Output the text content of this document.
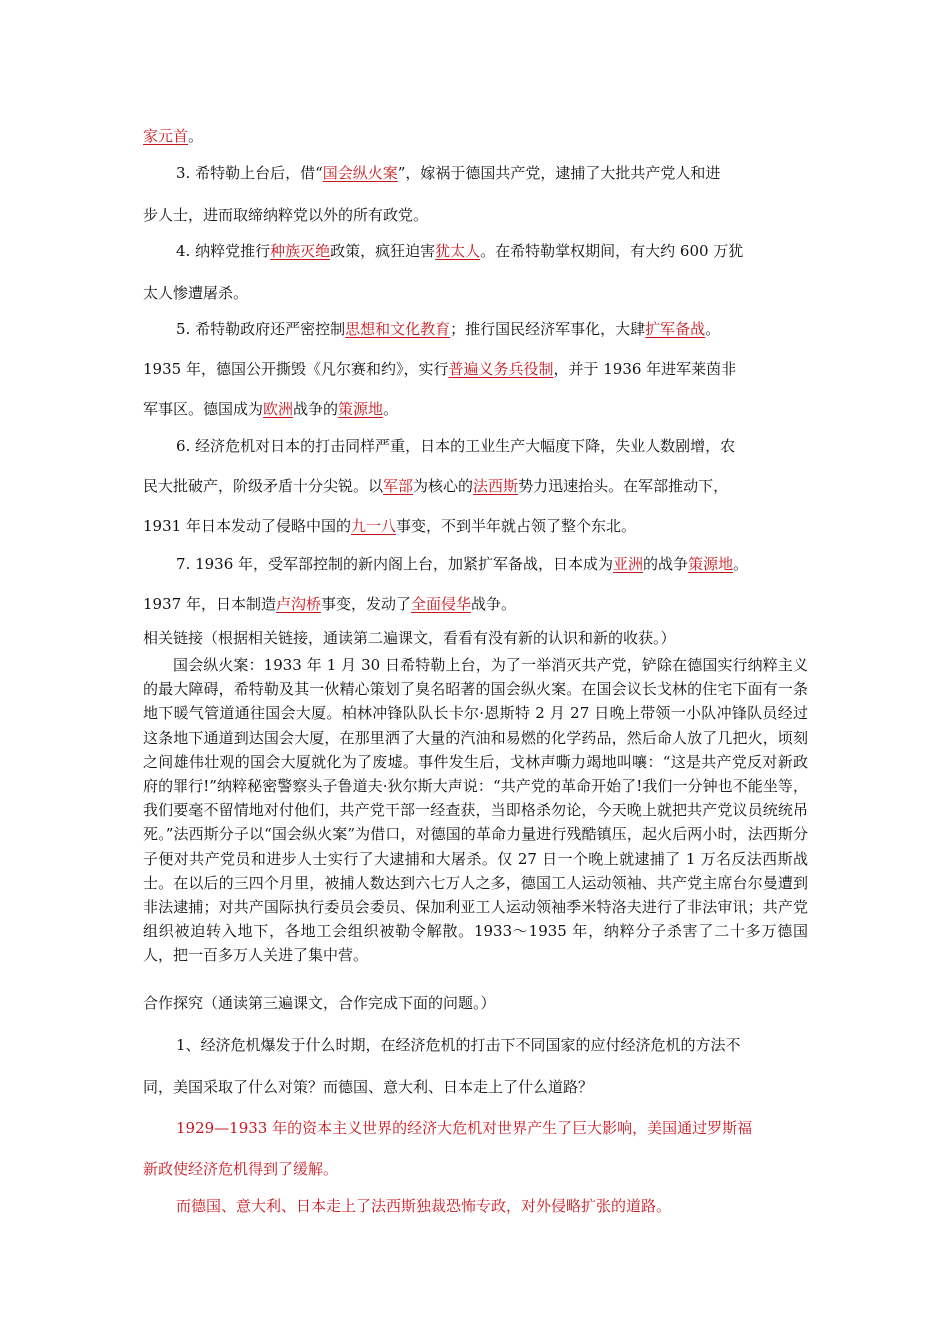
家元首。
3. 希特勒上台后，借“国会纵火案”，嫁祸于德国共产党，逮捕了大批共产党人和进
步人士，进而取缔纳粹党以外的所有政党。
4. 纳粹党推行种族灭绝政策，疯狂迫害犹太人。在希特勒掌权期间，有大约 600 万犹
太人惨遭屠杀。
5. 希特勒政府还严密控制思想和文化教育；推行国民经济军事化，大肆扩军备战。
1935 年，德国公开撕毁《凡尔赛和约》，实行普遍义务兵役制，并于 1936 年进军莱茵非
军事区。德国成为欧洲战争的策源地。
6. 经济危机对日本的打击同样严重，日本的工业生产大幅度下降，失业人数剧增，农
民大批破产，阶级矛盾十分尖锐。以军部为核心的法西斯势力迅速抬头。在军部推动下，
1931 年日本发动了侵略中国的九一八事变，不到半年就占领了整个东北。
7. 1936 年，受军部控制的新内阁上台，加紧扩军备战，日本成为亚洲的战争策源地。
1937 年，日本制造卢沟桥事变，发动了全面侵华战争。
相关链接（根据相关链接，通读第二遍课文，看看有没有新的认识和新的收获。）
国会纵火案：1933 年 1 月 30 日希特勒上台，为了一举消灭共产党，铲除在德国实行纳粹主义的最大障碍，希特勒及其一伙精心策划了臭名昭著的国会纵火案。在国会议长戈林的住宅下面有一条地下暖气管道通往国会大厦。柏林冲锋队队长卡尔·恩斯特 2 月 27 日晚上带领一小队冲锋队员经过这条地下通道到达国会大厦，在那里洒了大量的汽油和易燃的化学药品，然后命人放了几把火，顷刻之间雄伟壮观的国会大厦就化为了废墟。事件发生后，戈林声嘶力竭地叫嚷：“这是共产党反对新政府的罪行!”纳粹秘密警察头子鲁道夫·狄尔斯大声说：“共产党的革命开始了!我们一分钟也不能坐等，我们要毫不留情地对付他们，共产党干部一经查获，当即格杀勿论，今天晚上就把共产党议员统统吊死。”法西斯分子以“国会纵火案”为借口，对德国的革命力量进行残酷镇压，起火后两小时，法西斯分子便对共产党员和进步人士实行了大逮捕和大屠杀。仅 27 日一个晚上就逮捕了 1 万名反法西斯战士。在以后的三四个月里，被捕人数达到六七万人之多，德国工人运动领袖、共产党主席台尔曼遭到非法逮捕；对共产国际执行委员会委员、保加利亚工人运动领袖季米特洛夫进行了非法审讯；共产党组织被迫转入地下，各地工会组织被勒令解散。1933～1935 年，纳粹分子杀害了二十多万德国人，把一百多万人关进了集中营。
合作探究（通读第三遍课文，合作完成下面的问题。）
1、经济危机爆发于什么时期，在经济危机的打击下不同国家的应付经济危机的方法不
同，美国采取了什么对策？而德国、意大利、日本走上了什么道路？
1929—1933 年的资本主义世界的经济大危机对世界产生了巨大影响，美国通过罗斯福
新政使经济危机得到了缓解。
而德国、意大利、日本走上了法西斯独裁恐怖专政，对外侵略扩张的道路。
